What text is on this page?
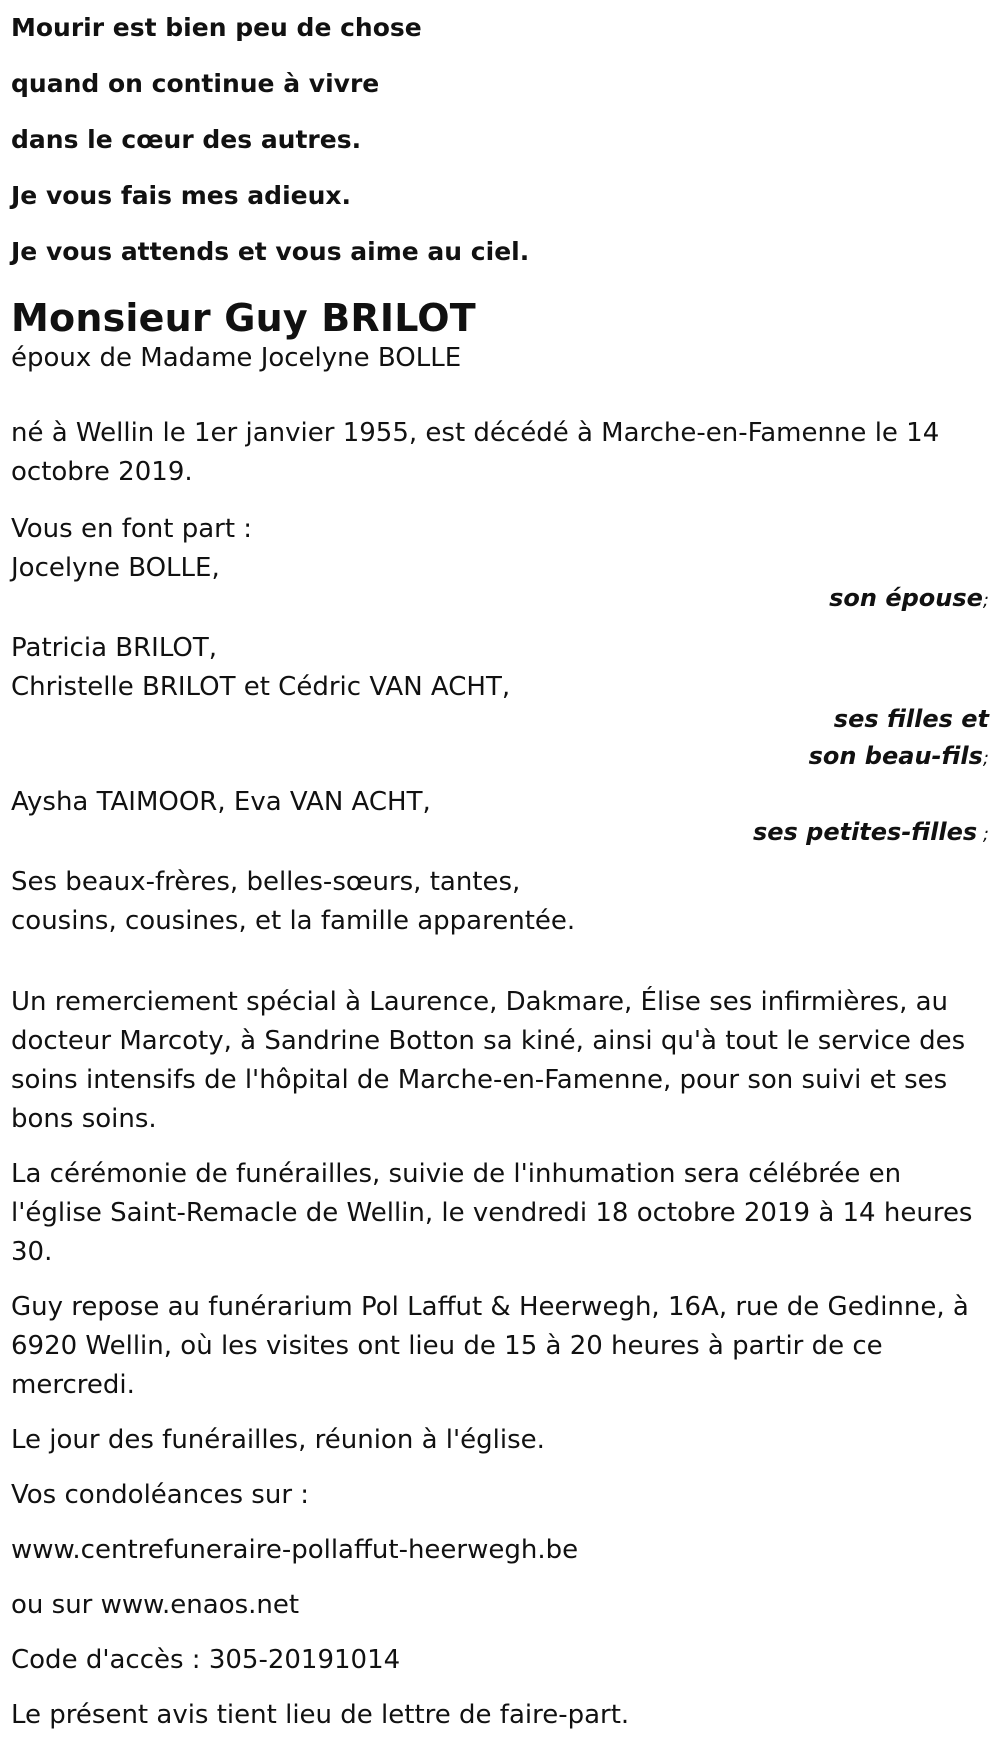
Mourir est bien peu de chose

quand on continue à vivre

dans le cœur des autres.

Je vous fais mes adieux.

Je vous attends et vous aime au ciel.

Monsieur Guy BRILOT

époux de Madame Jocelyne BOLLE

né à Wellin le 1er janvier 1955, est décédé à Marche-en-Famenne le 14 octobre 2019.

Vous en font part :

Jocelyne BOLLE,

son épouse;

Patricia BRILOT,

Christelle BRILOT et Cédric VAN ACHT,

ses filles et son beau-fils;

Aysha TAIMOOR, Eva VAN ACHT,

ses petites-filles ;

Ses beaux-frères, belles-sœurs, tantes,

cousins, cousines, et la famille apparentée.

Un remerciement spécial à Laurence, Dakmare, Élise ses infirmières, au docteur Marcoty, à Sandrine Botton sa kiné, ainsi qu'à tout le service des soins intensifs de l'hôpital de Marche-en-Famenne, pour son suivi et ses bons soins.

La cérémonie de funérailles, suivie de l'inhumation sera célébrée en l'église Saint-Remacle de Wellin, le vendredi 18 octobre 2019 à 14 heures 30.

Guy repose au funérarium Pol Laffut & Heerwegh, 16A, rue de Gedinne, à 6920 Wellin, où les visites ont lieu de 15 à 20 heures à partir de ce mercredi.

Le jour des funérailles, réunion à l'église.

Vos condoléances sur :

www.centrefuneraire-pollaffut-heerwegh.be

ou sur www.enaos.net

Code d'accès : 305-20191014

Le présent avis tient lieu de lettre de faire-part.
